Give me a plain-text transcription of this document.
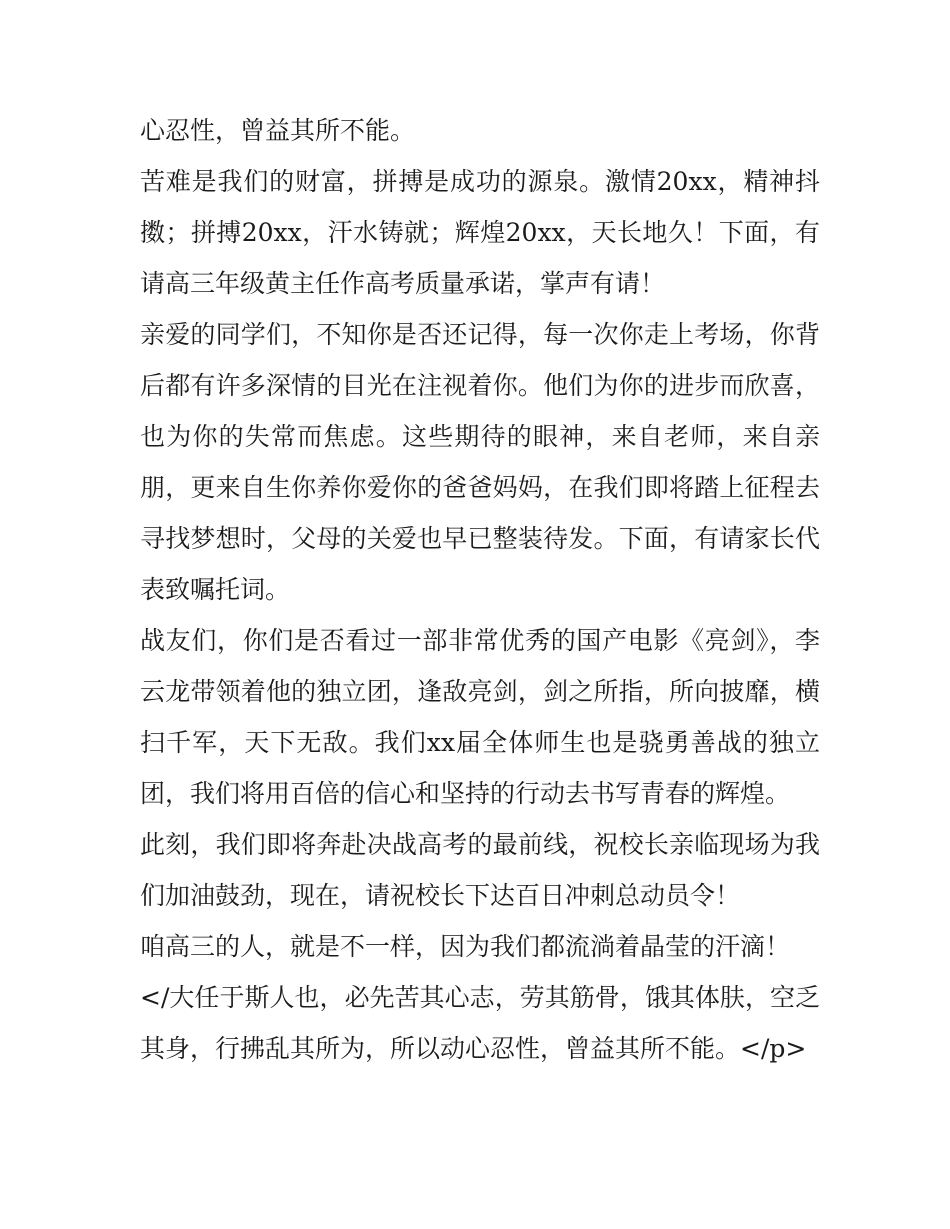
心忍性，曾益其所不能。

苦难是我们的财富，拼搏是成功的源泉。激情20xx，精神抖擞；拼搏20xx，汗水铸就；辉煌20xx，天长地久！下面，有请高三年级黄主任作高考质量承诺，掌声有请！

亲爱的同学们，不知你是否还记得，每一次你走上考场，你背后都有许多深情的目光在注视着你。他们为你的进步而欣喜，也为你的失常而焦虑。这些期待的眼神，来自老师，来自亲朋，更来自生你养你爱你的爸爸妈妈，在我们即将踏上征程去寻找梦想时，父母的关爱也早已整装待发。下面，有请家长代表致嘱托词。

战友们，你们是否看过一部非常优秀的国产电影《亮剑》，李云龙带领着他的独立团，逢敌亮剑，剑之所指，所向披靡，横扫千军，天下无敌。我们xx届全体师生也是骁勇善战的独立团，我们将用百倍的信心和坚持的行动去书写青春的辉煌。

此刻，我们即将奔赴决战高考的最前线，祝校长亲临现场为我们加油鼓劲，现在，请祝校长下达百日冲刺总动员令！

咱高三的人，就是不一样，因为我们都流淌着晶莹的汗滴！

</大任于斯人也，必先苦其心志，劳其筋骨，饿其体肤，空乏其身，行拂乱其所为，所以动心忍性，曾益其所不能。</p>
